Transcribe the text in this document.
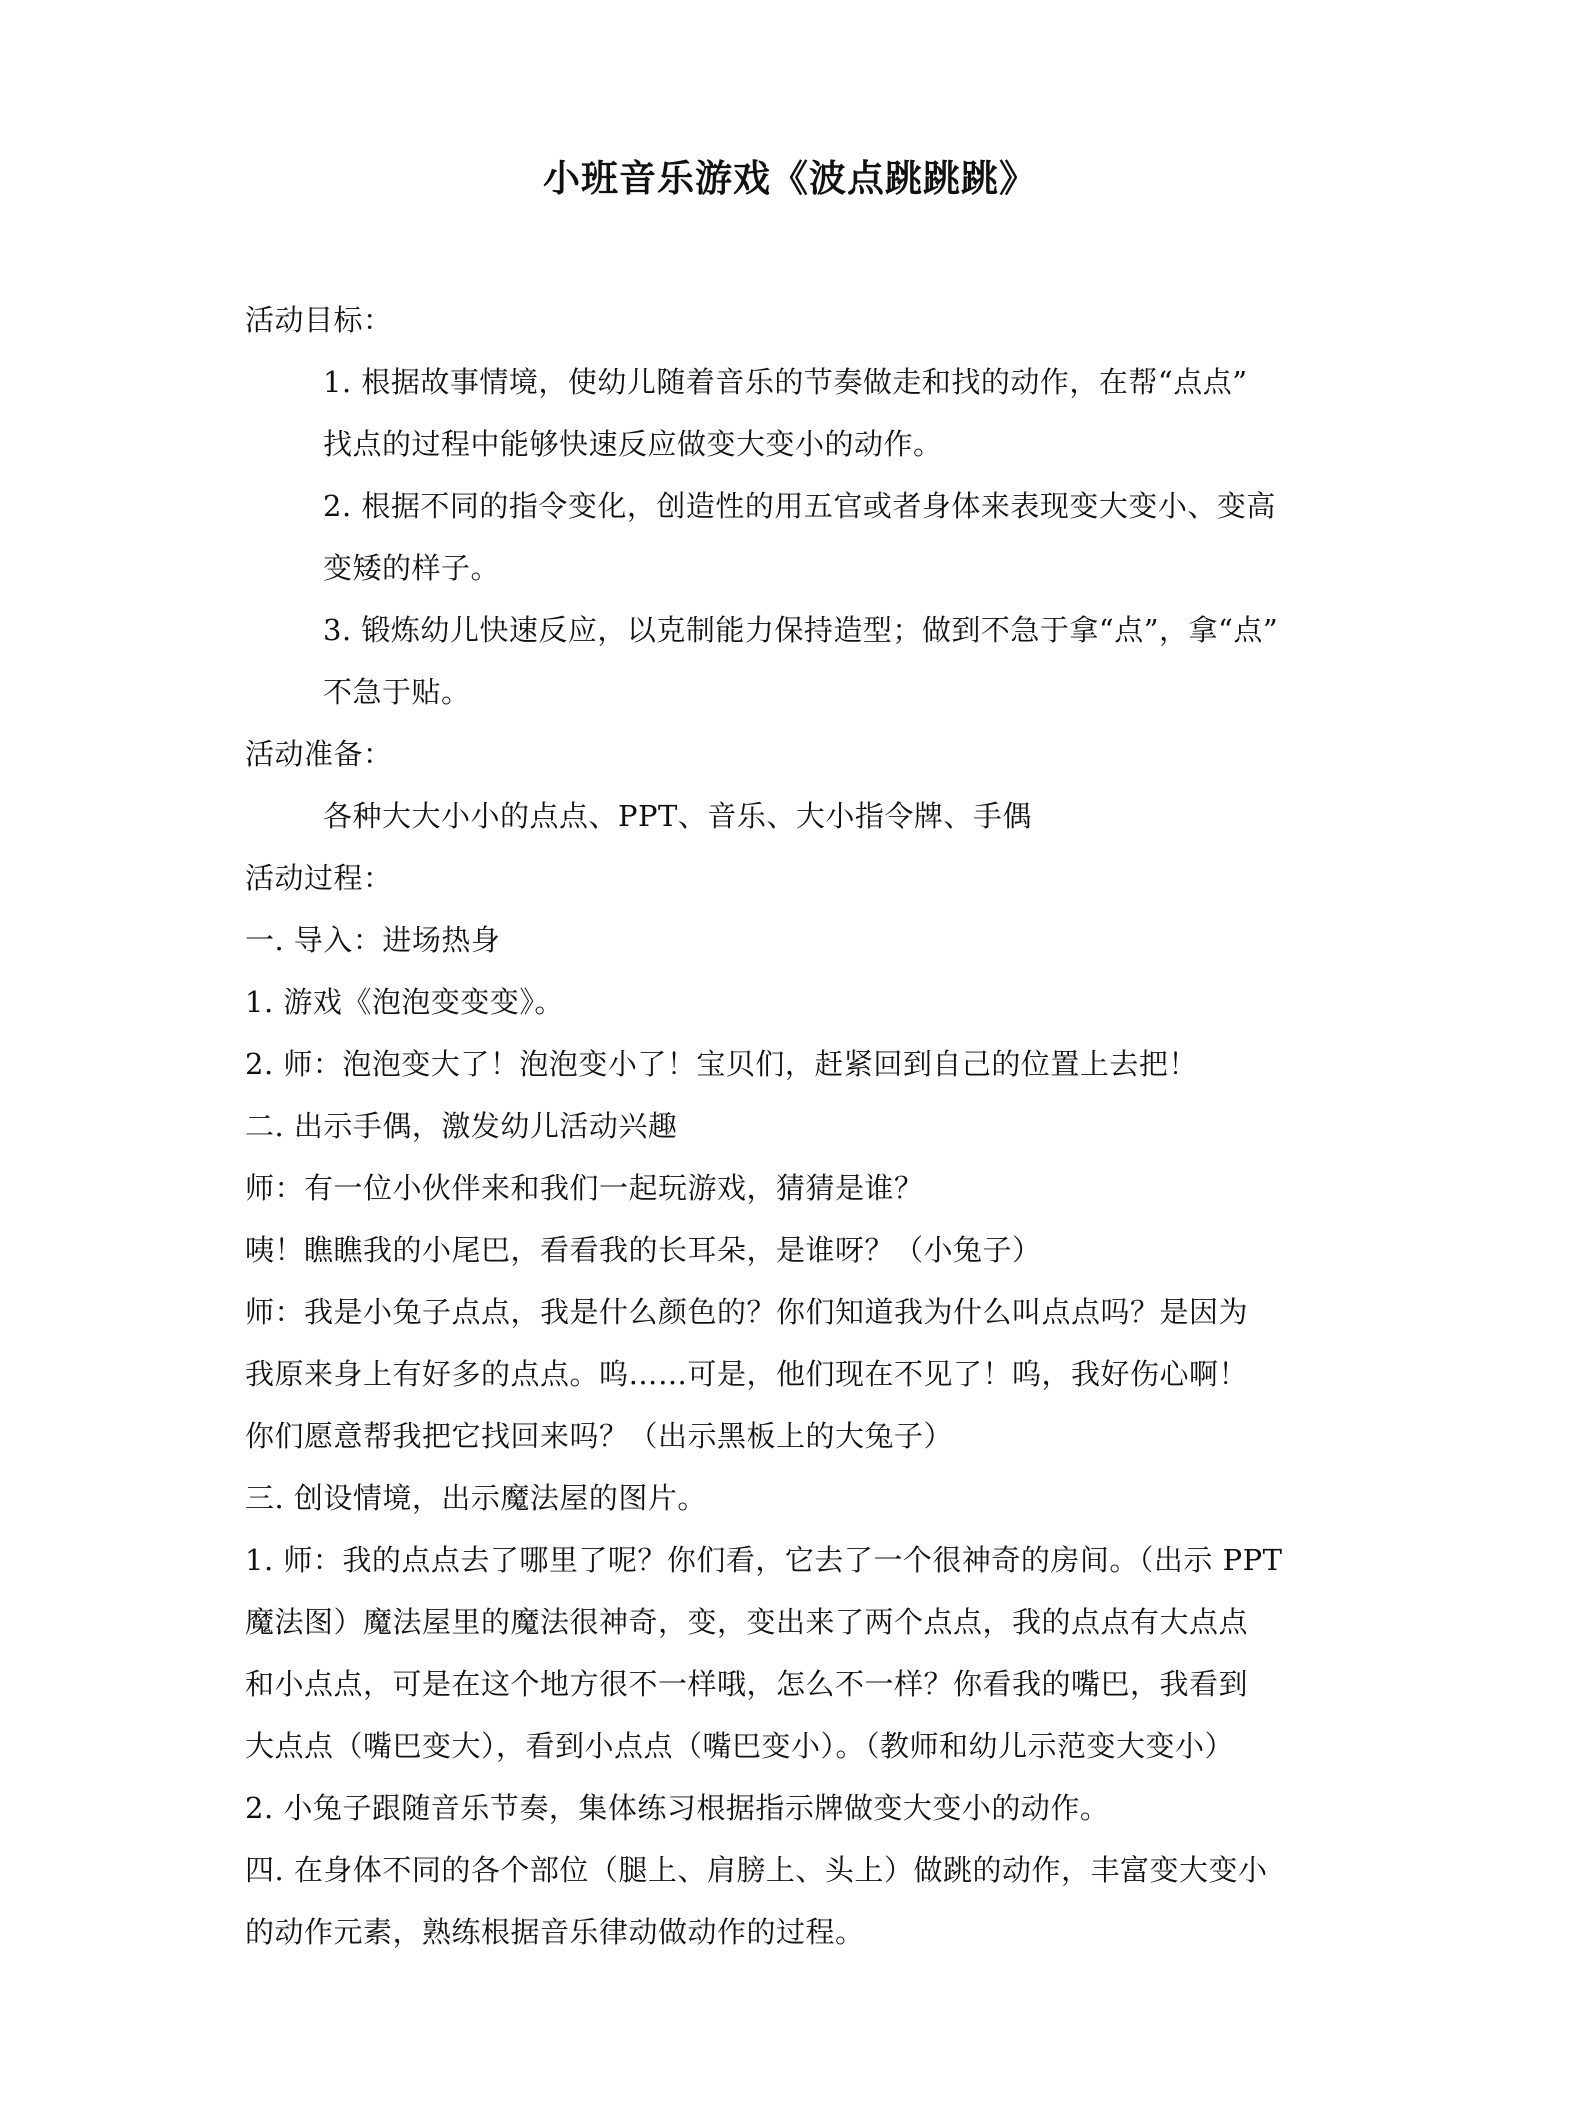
小班音乐游戏《波点跳跳跳》
活动目标：
1. 根据故事情境，使幼儿随着音乐的节奏做走和找的动作，在帮“点点”
找点的过程中能够快速反应做变大变小的动作。
2. 根据不同的指令变化，创造性的用五官或者身体来表现变大变小、变高
变矮的样子。
3. 锻炼幼儿快速反应，以克制能力保持造型；做到不急于拿“点”，拿“点”
不急于贴。
活动准备：
各种大大小小的点点、PPT、音乐、大小指令牌、手偶
活动过程：
一. 导入：进场热身
1. 游戏《泡泡变变变》。
2. 师：泡泡变大了！泡泡变小了！宝贝们，赶紧回到自己的位置上去把！
二. 出示手偶，激发幼儿活动兴趣
师：有一位小伙伴来和我们一起玩游戏，猜猜是谁？
咦！瞧瞧我的小尾巴，看看我的长耳朵，是谁呀？（小兔子）
师：我是小兔子点点，我是什么颜色的？你们知道我为什么叫点点吗？是因为
我原来身上有好多的点点。呜……可是，他们现在不见了！呜，我好伤心啊！
你们愿意帮我把它找回来吗？（出示黑板上的大兔子）
三. 创设情境，出示魔法屋的图片。
1. 师：我的点点去了哪里了呢？你们看，它去了一个很神奇的房间。（出示 PPT
魔法图）魔法屋里的魔法很神奇，变，变出来了两个点点，我的点点有大点点
和小点点，可是在这个地方很不一样哦，怎么不一样？你看我的嘴巴，我看到
大点点（嘴巴变大），看到小点点（嘴巴变小）。（教师和幼儿示范变大变小）
2. 小兔子跟随音乐节奏，集体练习根据指示牌做变大变小的动作。
四. 在身体不同的各个部位（腿上、肩膀上、头上）做跳的动作，丰富变大变小
的动作元素，熟练根据音乐律动做动作的过程。
